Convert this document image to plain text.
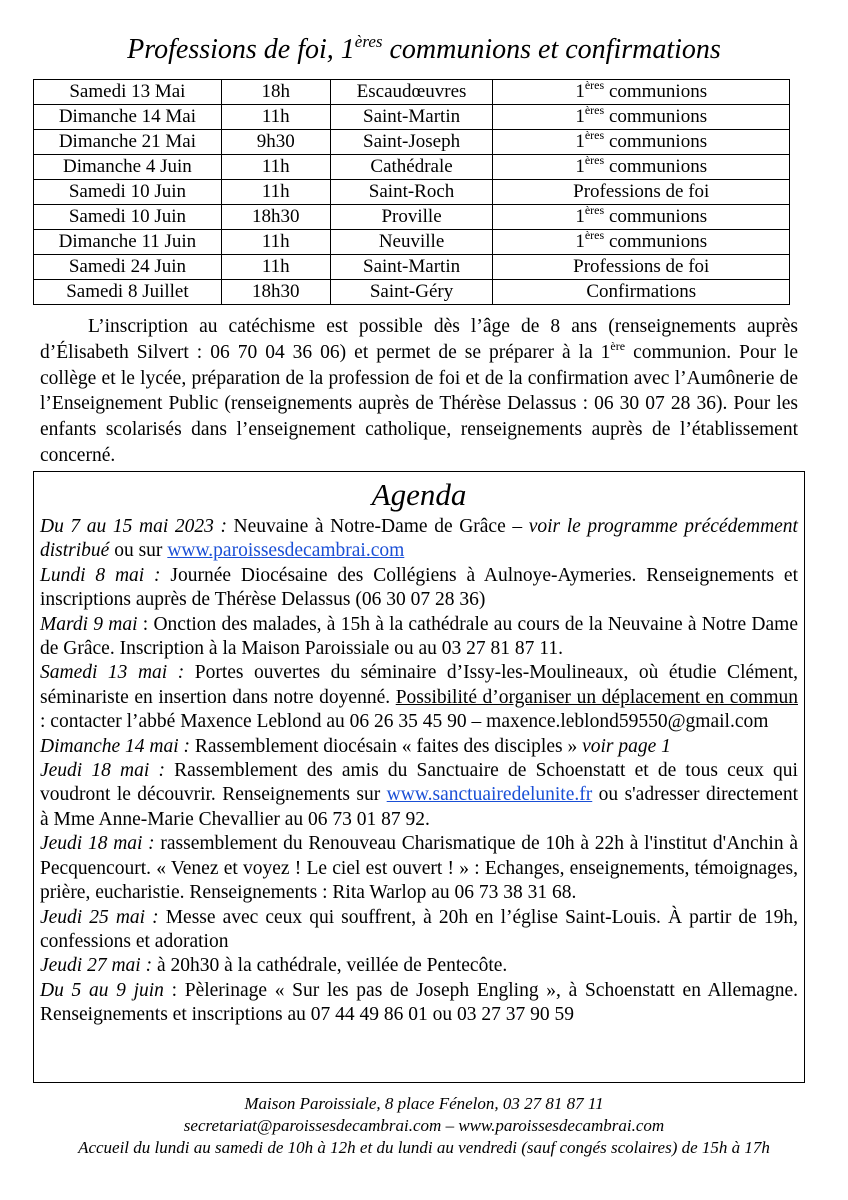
Professions de foi, 1ères communions et confirmations
Samedi 13 Mai	18h	Escaudœuvres	1ères communions
Dimanche 14 Mai	11h	Saint-Martin	1ères communions
Dimanche 21 Mai	9h30	Saint-Joseph	1ères communions
Dimanche 4 Juin	11h	Cathédrale	1ères communions
Samedi 10 Juin	11h	Saint-Roch	Professions de foi
Samedi 10 Juin	18h30	Proville	1ères communions
Dimanche 11 Juin	11h	Neuville	1ères communions
Samedi 24 Juin	11h	Saint-Martin	Professions de foi
Samedi 8 Juillet	18h30	Saint-Géry	Confirmations
L’inscription au catéchisme est possible dès l’âge de 8 ans (renseignements auprès d’Élisabeth Silvert : 06 70 04 36 06) et permet de se préparer à la 1ère communion. Pour le collège et le lycée, préparation de la profession de foi et de la confirmation avec l’Aumônerie de l’Enseignement Public (renseignements auprès de Thérèse Delassus : 06 30 07 28 36). Pour les enfants scolarisés dans l’enseignement catholique, renseignements auprès de l’établissement concerné.
Agenda

Du 7 au 15 mai 2023 : Neuvaine à Notre-Dame de Grâce – voir le programme précédemment distribué ou sur www.paroissesdecambrai.com

Lundi 8 mai : Journée Diocésaine des Collégiens à Aulnoye-Aymeries. Renseignements et inscriptions auprès de Thérèse Delassus (06 30 07 28 36)

Mardi 9 mai : Onction des malades, à 15h à la cathédrale au cours de la Neuvaine à Notre Dame de Grâce. Inscription à la Maison Paroissiale ou au 03 27 81 87 11.

Samedi 13 mai : Portes ouvertes du séminaire d’Issy-les-Moulineaux, où étudie Clément, séminariste en insertion dans notre doyenné. Possibilité d’organiser un déplacement en commun : contacter l’abbé Maxence Leblond au 06 26 35 45 90 – maxence.leblond59550@gmail.com

Dimanche 14 mai : Rassemblement diocésain « faites des disciples » voir page 1

Jeudi 18 mai : Rassemblement des amis du Sanctuaire de Schoenstatt et de tous ceux qui voudront le découvrir. Renseignements sur www.sanctuairedelunite.fr ou s'adresser directement à Mme Anne-Marie Chevallier au 06 73 01 87 92.

Jeudi 18 mai : rassemblement du Renouveau Charismatique de 10h à 22h à l'institut d'Anchin à Pecquencourt. « Venez et voyez ! Le ciel est ouvert ! » : Echanges, enseignements, témoignages, prière, eucharistie. Renseignements : Rita Warlop au 06 73 38 31 68.

Jeudi 25 mai : Messe avec ceux qui souffrent, à 20h en l’église Saint-Louis. À partir de 19h, confessions et adoration

Jeudi 27 mai : à 20h30 à la cathédrale, veillée de Pentecôte.

Du 5 au 9 juin : Pèlerinage « Sur les pas de Joseph Engling », à Schoenstatt en Allemagne. Renseignements et inscriptions au 07 44 49 86 01 ou 03 27 37 90 59

Maison Paroissiale, 8 place Fénelon, 03 27 81 87 11
secretariat@paroissesdecambrai.com – www.paroissesdecambrai.com
Accueil du lundi au samedi de 10h à 12h et du lundi au vendredi (sauf congés scolaires) de 15h à 17h
